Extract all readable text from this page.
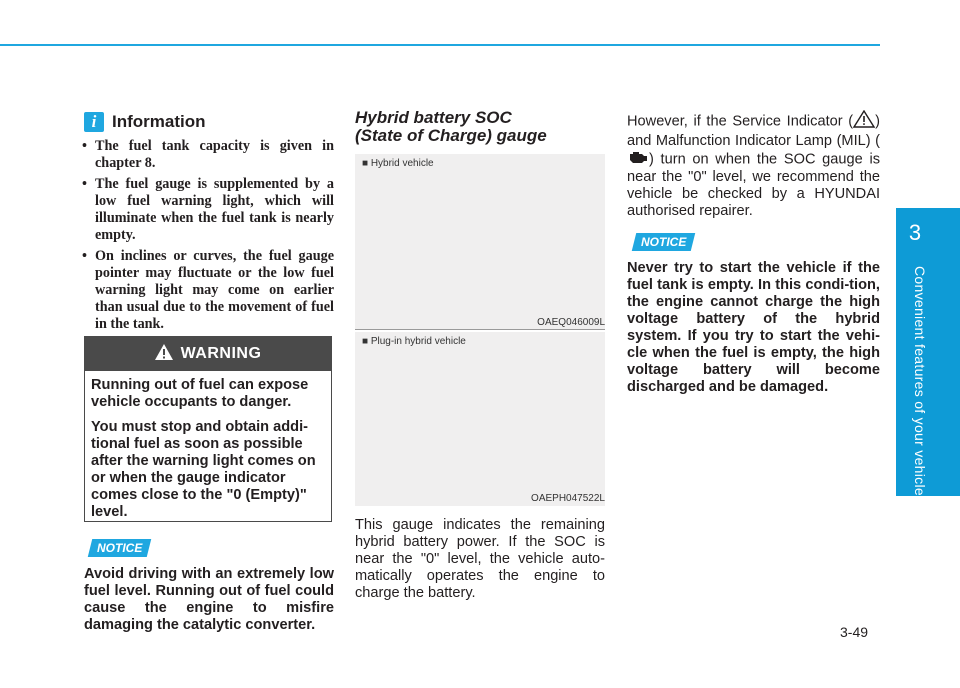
i Information
• The fuel tank capacity is given in chapter 8.
• The fuel gauge is supplemented by a low fuel warning light, which will illuminate when the fuel tank is nearly empty.
• On inclines or curves, the fuel gauge pointer may fluctuate or the low fuel warning light may come on earlier than usual due to the movement of fuel in the tank.
WARNING

Running out of fuel can expose vehicle occupants to danger.

You must stop and obtain addi-tional fuel as soon as possible after the warning light comes on or when the gauge indicator comes close to the "0 (Empty)" level.

NOTICE
Avoid driving with an extremely low fuel level. Running out of fuel could cause the engine to misfire damaging the catalytic converter.
Hybrid battery SOC
(State of Charge) gauge
■ Hybrid vehicle
OAEQ046009L
■ Plug-in hybrid vehicle
OAEPH047522L
This gauge indicates the remaining hybrid battery power. If the SOC is near the "0" level, the vehicle auto-matically operates the engine to charge the battery.
However, if the Service Indicator ( ) and Malfunction Indicator Lamp (MIL) () turn on when the SOC gauge is near the "0" level, we recommend the vehicle be checked by a HYUNDAI authorised repairer.
NOTICE
Never try to start the vehicle if the fuel tank is empty. In this condi-tion, the engine cannot charge the high voltage battery of the hybrid system. If you try to start the vehi-cle when the fuel is empty, the high voltage battery will become discharged and be damaged.
3
Convenient features of your vehicle
3-49
